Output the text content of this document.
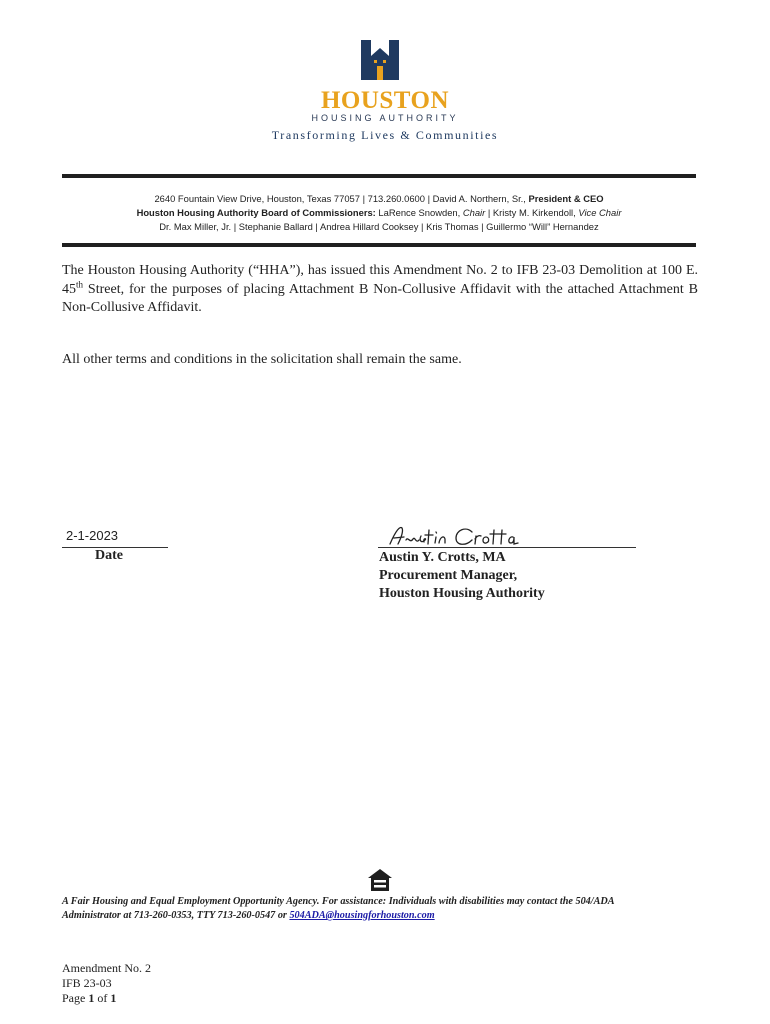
HOUSTON
HOUSING AUTHORITY
Transforming Lives & Communities
2640 Fountain View Drive, Houston, Texas 77057 | 713.260.0600 | David A. Northern, Sr., President & CEO
Houston Housing Authority Board of Commissioners: LaRence Snowden, Chair | Kristy M. Kirkendoll, Vice Chair
Dr. Max Miller, Jr. | Stephanie Ballard | Andrea Hillard Cooksey | Kris Thomas | Guillermo “Will” Hernandez
The Houston Housing Authority (“HHA”), has issued this Amendment No. 2 to IFB 23-03 Demolition at 100 E. 45th Street, for the purposes of placing Attachment B Non-Collusive Affidavit with the attached Attachment B Non-Collusive Affidavit.
All other terms and conditions in the solicitation shall remain the same.
2-1-2023
Date	Austin Y. Crotts, MA
Procurement Manager,
Houston Housing Authority
A Fair Housing and Equal Employment Opportunity Agency. For assistance: Individuals with disabilities may contact the 504/ADA
Administrator at 713-260-0353, TTY 713-260-0547 or 504ADA@housingforhouston.com
Amendment No. 2
IFB 23-03
Page 1 of 1
